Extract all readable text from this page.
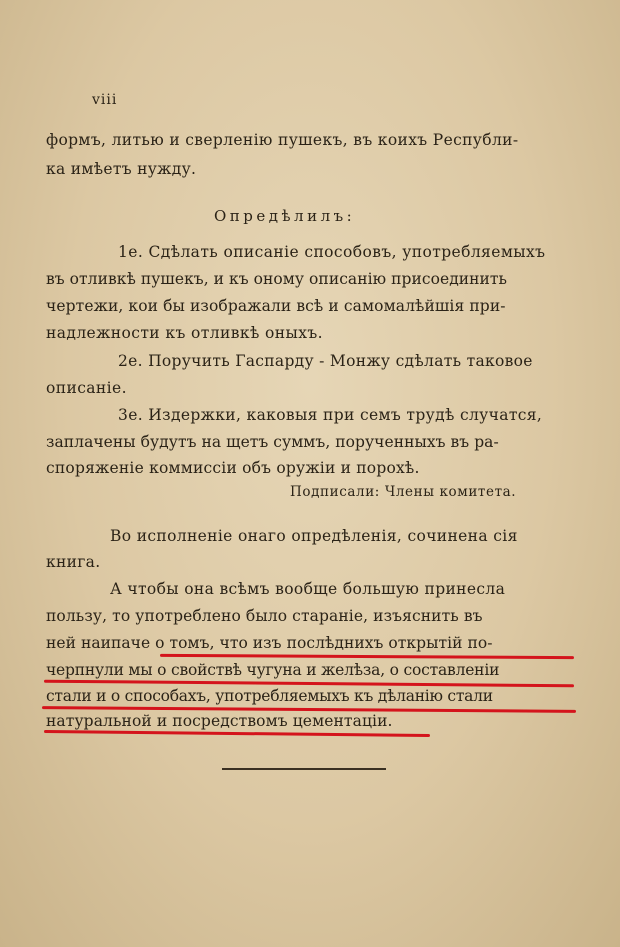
viii
формъ, литью и сверленію пушекъ, въ коихъ Республи-
ка имѣетъ нужду.
Опредѣлилъ:
1е. Сдѣлать описаніе способовъ, употребляемыхъ
въ отливкѣ пушекъ, и къ оному описанію присоединить
чертежи, кои бы изображали всѣ и самомалѣйшія при-
надлежности къ отливкѣ оныхъ.
2е. Поручить Гаспарду - Монжу сдѣлать таковое
описаніе.
3е. Издержки, каковыя при семъ трудѣ случатся,
заплачены будутъ на щетъ суммъ, порученныхъ въ ра-
споряженіе коммиссіи объ оружіи и порохѣ.
Подписали: Члены комитета.
Во исполненіе онаго опредѣленія, сочинена сія
книга.
А чтобы она всѣмъ вообще большую принесла
пользу, то употреблено было стараніе, изъяснить въ
ней наипаче о томъ, что изъ послѣднихъ открытій по-
черпнули мы о свойствѣ чугуна и желѣза, о составленіи
стали и о способахъ, употребляемыхъ къ дѣланію стали
натуральной и посредствомъ цементаціи.
